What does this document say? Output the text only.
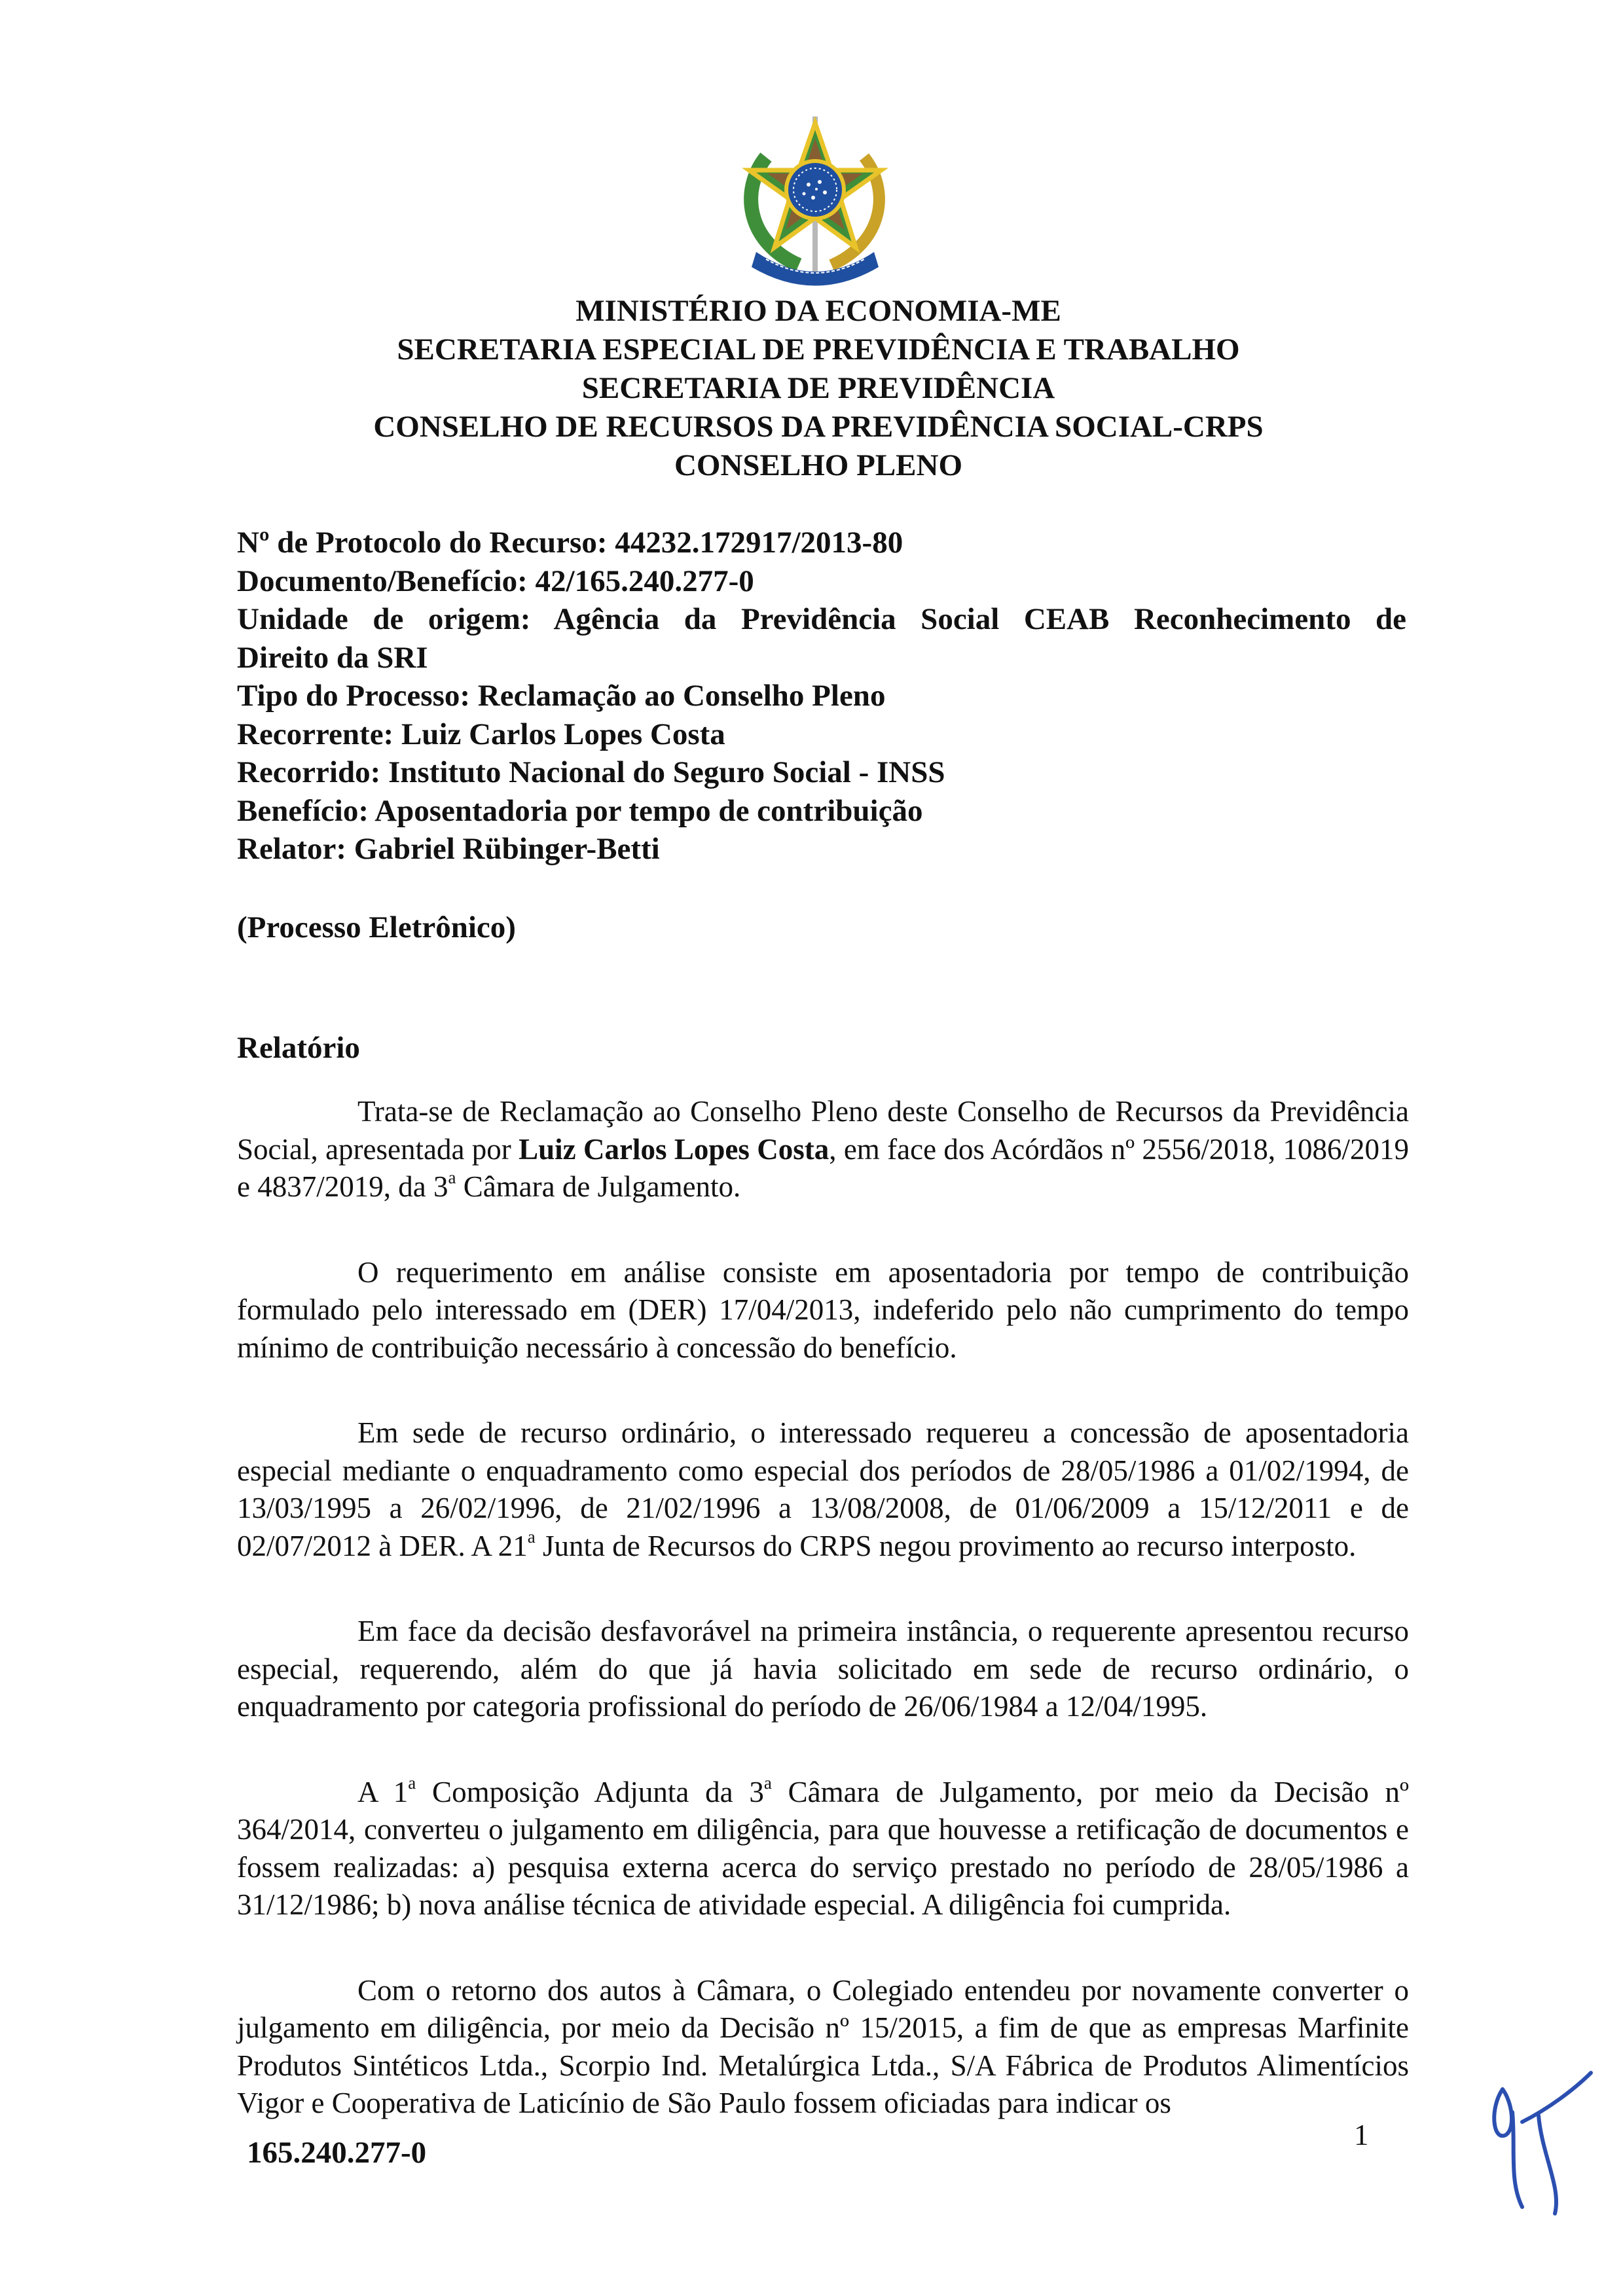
MINISTÉRIO DA ECONOMIA-ME
SECRETARIA ESPECIAL DE PREVIDÊNCIA E TRABALHO
SECRETARIA DE PREVIDÊNCIA
CONSELHO DE RECURSOS DA PREVIDÊNCIA SOCIAL-CRPS
CONSELHO PLENO
Nº de Protocolo do Recurso: 44232.172917/2013-80
Documento/Benefício: 42/165.240.277-0
Unidade de origem: Agência da Previdência Social CEAB Reconhecimento de
Direito da SRI
Tipo do Processo: Reclamação ao Conselho Pleno
Recorrente: Luiz Carlos Lopes Costa
Recorrido: Instituto Nacional do Seguro Social - INSS
Benefício: Aposentadoria por tempo de contribuição
Relator: Gabriel Rübinger-Betti
(Processo Eletrônico)
Relatório

Trata-se de Reclamação ao Conselho Pleno deste Conselho de Recursos da Previdência Social, apresentada por Luiz Carlos Lopes Costa, em face dos Acórdãos nº 2556/2018, 1086/2019 e 4837/2019, da 3$^a$ Câmara de Julgamento.

O requerimento em análise consiste em aposentadoria por tempo de contribuição formulado pelo interessado em (DER) 17/04/2013, indeferido pelo não cumprimento do tempo mínimo de contribuição necessário à concessão do benefício.

Em sede de recurso ordinário, o interessado requereu a concessão de aposentadoria especial mediante o enquadramento como especial dos períodos de 28/05/1986 a 01/02/1994, de 13/03/1995 a 26/02/1996, de 21/02/1996 a 13/08/2008, de 01/06/2009 a 15/12/2011 e de 02/07/2012 à DER. A 21$^a$ Junta de Recursos do CRPS negou provimento ao recurso interposto.

Em face da decisão desfavorável na primeira instância, o requerente apresentou recurso especial, requerendo, além do que já havia solicitado em sede de recurso ordinário, o enquadramento por categoria profissional do período de 26/06/1984 a 12/04/1995.

A 1$^a$ Composição Adjunta da 3$^a$ Câmara de Julgamento, por meio da Decisão nº 364/2014, converteu o julgamento em diligência, para que houvesse a retificação de documentos e fossem realizadas: a) pesquisa externa acerca do serviço prestado no período de 28/05/1986 a 31/12/1986; b) nova análise técnica de atividade especial. A diligência foi cumprida.

Com o retorno dos autos à Câmara, o Colegiado entendeu por novamente converter o julgamento em diligência, por meio da Decisão nº 15/2015, a fim de que as empresas Marfinite Produtos Sintéticos Ltda., Scorpio Ind. Metalúrgica Ltda., S/A Fábrica de Produtos Alimentícios Vigor e Cooperativa de Laticínio de São Paulo fossem oficiadas para indicar os

165.240.277-0
1
